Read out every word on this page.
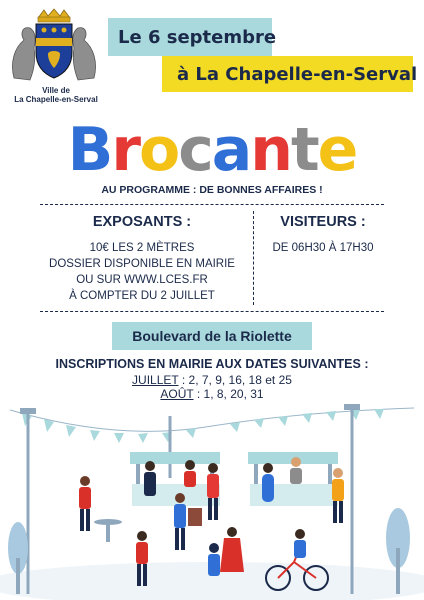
Ville de
La Chapelle-en-Serval
Le 6 septembre
à La Chapelle-en-Serval
Brocante
AU PROGRAMME : DE BONNES AFFAIRES !
EXPOSANTS :
10€ LES 2 MÈTRES
DOSSIER DISPONIBLE EN MAIRIE
OU SUR WWW.LCES.FR
À COMPTER DU 2 JUILLET
VISITEURS :
DE 06H30 À 17H30
Boulevard de la Riolette
INSCRIPTIONS EN MAIRIE AUX DATES SUIVANTES :
JUILLET : 2, 7, 9, 16, 18 et 25
AOÛT : 1, 8, 20, 31
